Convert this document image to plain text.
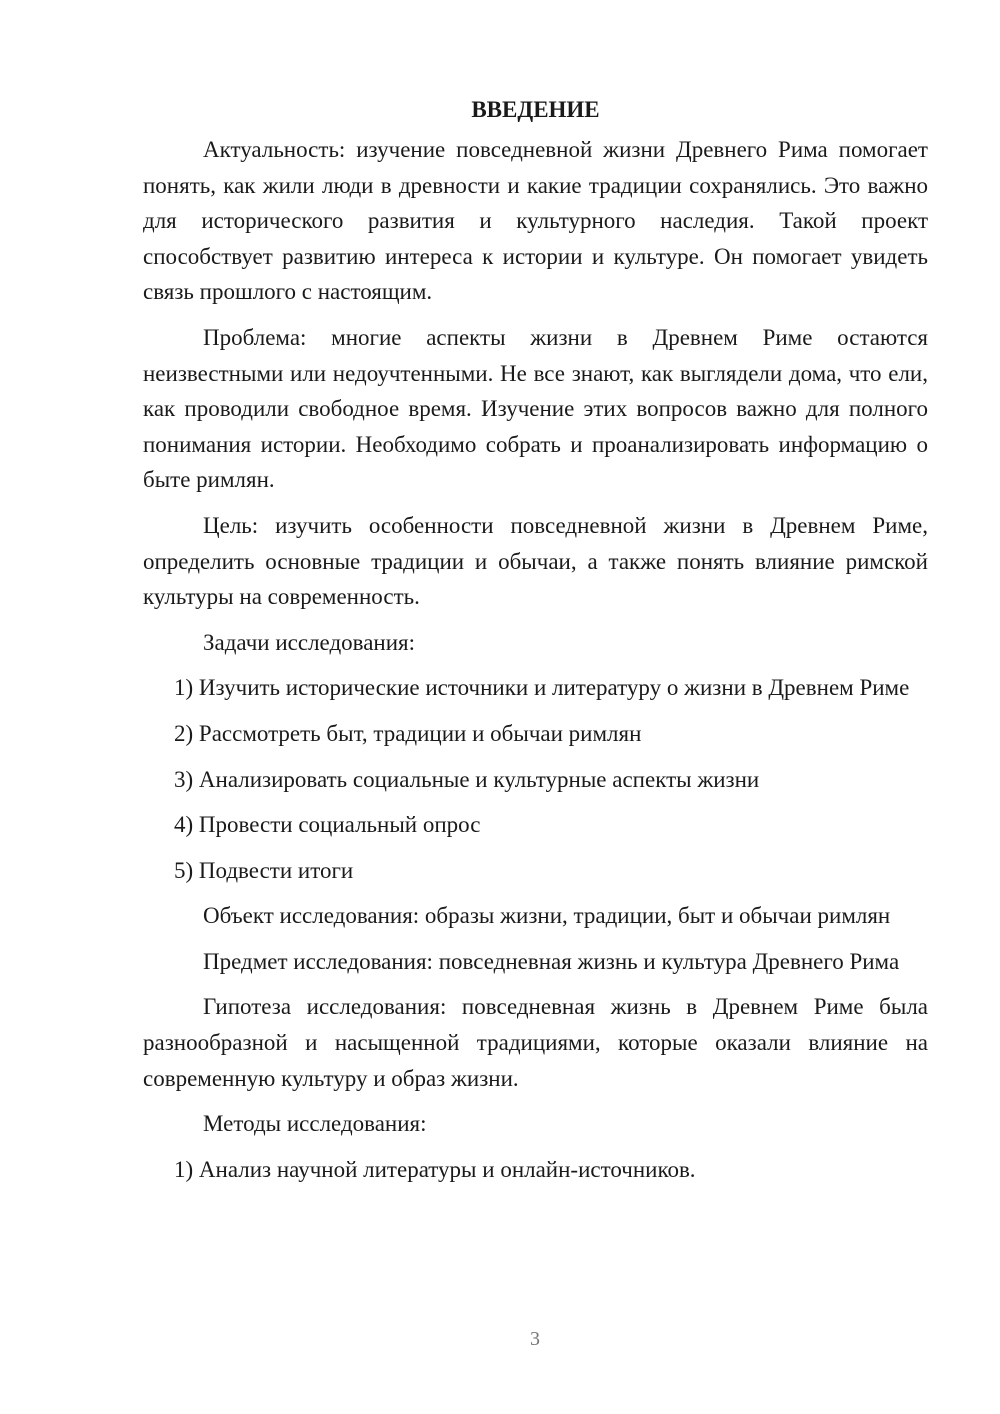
ВВЕДЕНИЕ

Актуальность: изучение повседневной жизни Древнего Рима помогает понять, как жили люди в древности и какие традиции сохранялись. Это важно для исторического развития и культурного наследия. Такой проект способствует развитию интереса к истории и культуре. Он помогает увидеть связь прошлого с настоящим.

Проблема: многие аспекты жизни в Древнем Риме остаются неизвестными или недоучтенными. Не все знают, как выглядели дома, что ели, как проводили свободное время. Изучение этих вопросов важно для полного понимания истории. Необходимо собрать и проанализировать информацию о быте римлян.

Цель: изучить особенности повседневной жизни в Древнем Риме, определить основные традиции и обычаи, а также понять влияние римской культуры на современность.

Задачи исследования:

1) Изучить исторические источники и литературу о жизни в Древнем Риме

2) Рассмотреть быт, традиции и обычаи римлян

3) Анализировать социальные и культурные аспекты жизни

4) Провести социальный опрос

5) Подвести итоги

Объект исследования: образы жизни, традиции, быт и обычаи римлян

Предмет исследования: повседневная жизнь и культура Древнего Рима

Гипотеза исследования: повседневная жизнь в Древнем Риме была разнообразной и насыщенной традициями, которые оказали влияние на современную культуру и образ жизни.

Методы исследования:

1) Анализ научной литературы и онлайн-источников.

3
